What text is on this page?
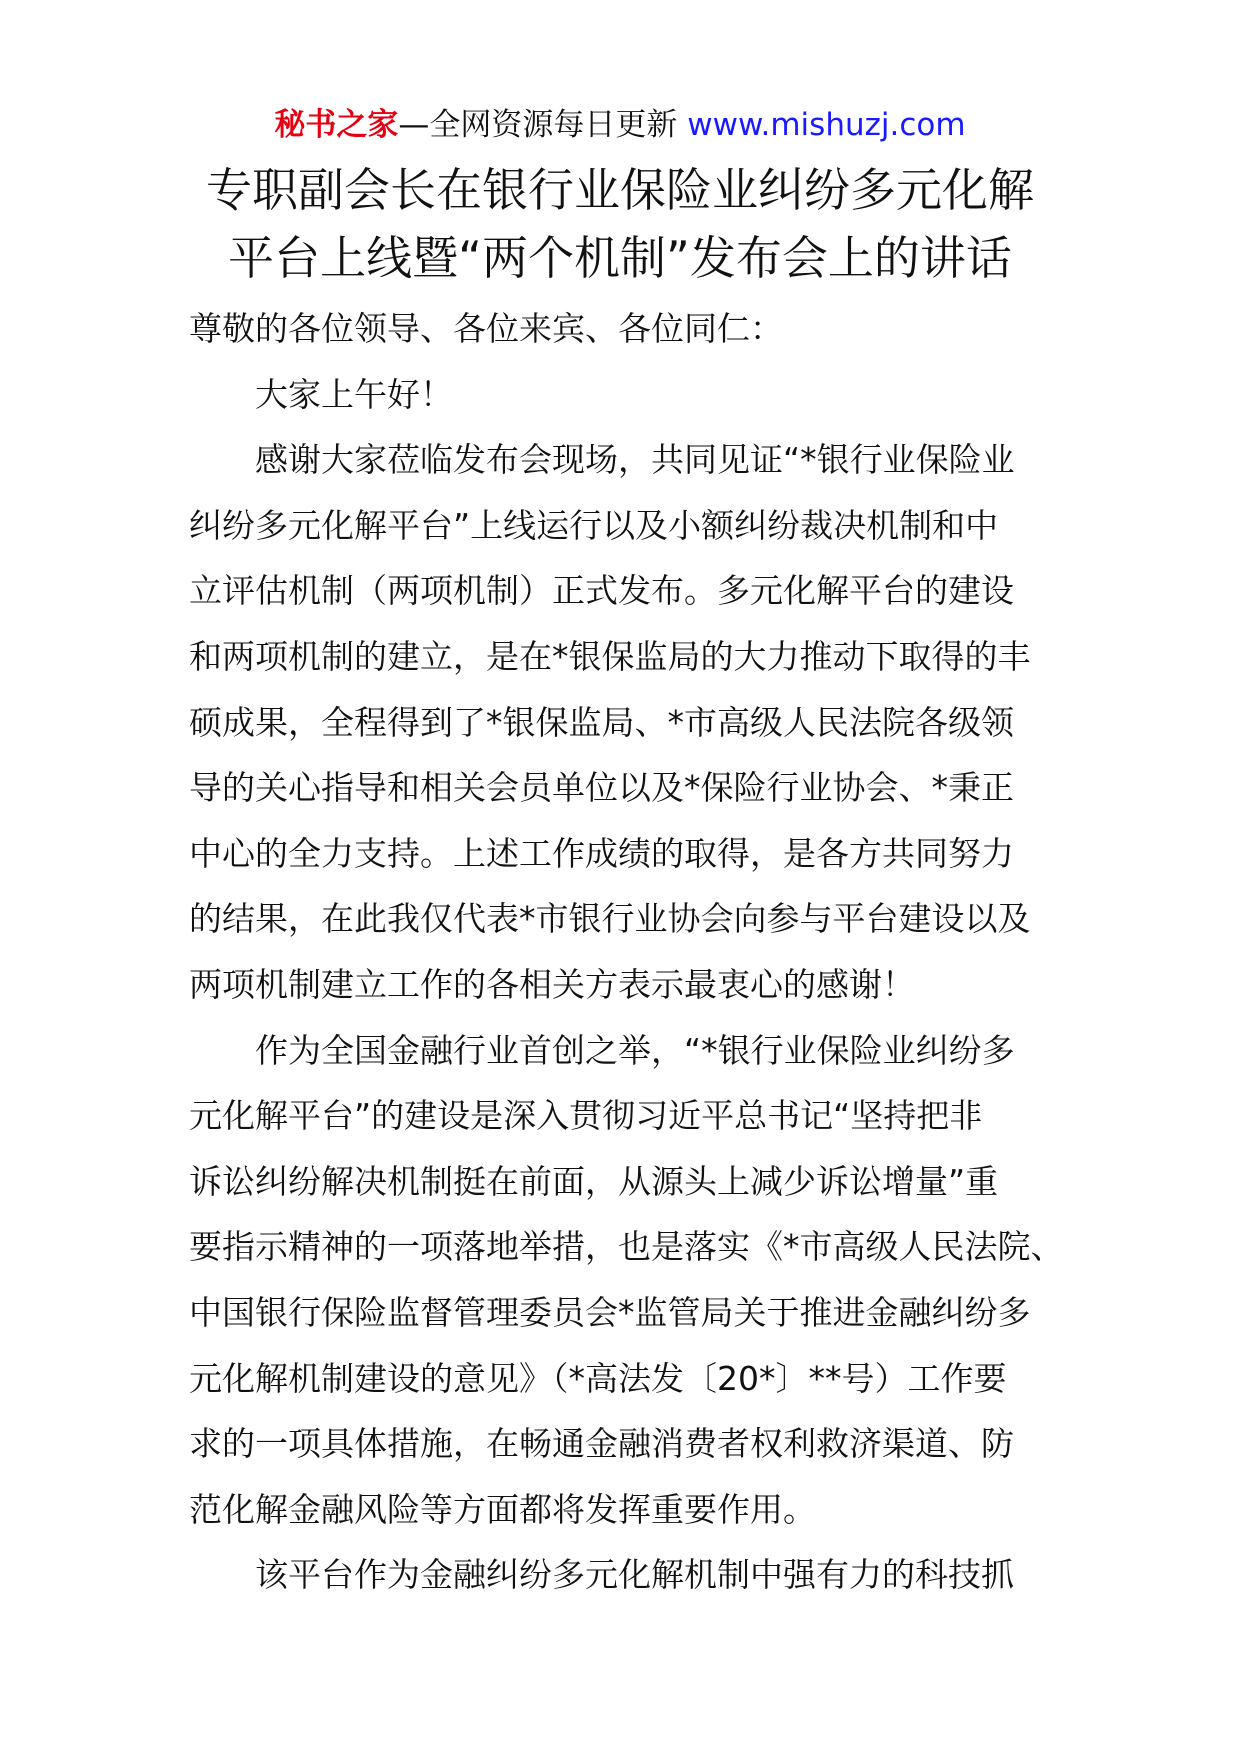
秘书之家—全网资源每日更新 www.mishuzj.com
专职副会长在银行业保险业纠纷多元化解
平台上线暨“两个机制”发布会上的讲话
尊敬的各位领导、各位来宾、各位同仁：
大家上午好！
感谢大家莅临发布会现场，共同见证“*银行业保险业
纠纷多元化解平台”上线运行以及小额纠纷裁决机制和中
立评估机制（两项机制）正式发布。多元化解平台的建设
和两项机制的建立，是在*银保监局的大力推动下取得的丰
硕成果，全程得到了*银保监局、*市高级人民法院各级领
导的关心指导和相关会员单位以及*保险行业协会、*秉正
中心的全力支持。上述工作成绩的取得，是各方共同努力
的结果，在此我仅代表*市银行业协会向参与平台建设以及
两项机制建立工作的各相关方表示最衷心的感谢！
作为全国金融行业首创之举，“*银行业保险业纠纷多
元化解平台”的建设是深入贯彻习近平总书记“坚持把非
诉讼纠纷解决机制挺在前面，从源头上减少诉讼增量”重
要指示精神的一项落地举措，也是落实《*市高级人民法院、
中国银行保险监督管理委员会*监管局关于推进金融纠纷多
元化解机制建设的意见》（*高法发〔20*〕**号）工作要
求的一项具体措施，在畅通金融消费者权利救济渠道、防
范化解金融风险等方面都将发挥重要作用。
该平台作为金融纠纷多元化解机制中强有力的科技抓
